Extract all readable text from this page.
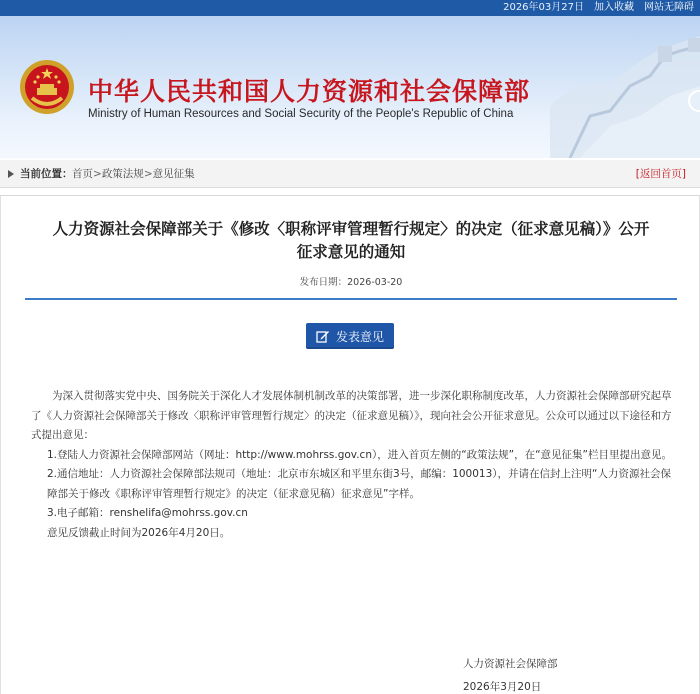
2026年03月27日 加入收藏 网站无障碍
中华人民共和国人力资源和社会保障部
Ministry of Human Resources and Social Security of the People's Republic of China
当前位置： 首页 > 政策法规 > 意见征集	[返回首页]
人力资源社会保障部关于《修改〈职称评审管理暂行规定〉的决定（征求意见稿）》公开
征求意见的通知
发布日期：2026-03-20
发表意见

为深入贯彻落实党中央、国务院关于深化人才发展体制机制改革的决策部署，进一步深化职称制度改革，人力资源社会保障部研究起草了《人力资源社会保障部关于修改〈职称评审管理暂行规定〉的决定（征求意见稿）》，现向社会公开征求意见。公众可以通过以下途径和方式提出意见：

1.登陆人力资源社会保障部网站（网址：http://www.mohrss.gov.cn），进入首页左侧的“政策法规”，在“意见征集”栏目里提出意见。

2.通信地址：人力资源社会保障部法规司（地址：北京市东城区和平里东街3号，邮编：100013），并请在信封上注明“人力资源社会保障部关于修改《职称评审管理暂行规定》的决定（征求意见稿）征求意见”字样。

3.电子邮箱：renshelifa@mohrss.gov.cn

意见反馈截止时间为2026年4月20日。

人力资源社会保障部
2026年3月20日
